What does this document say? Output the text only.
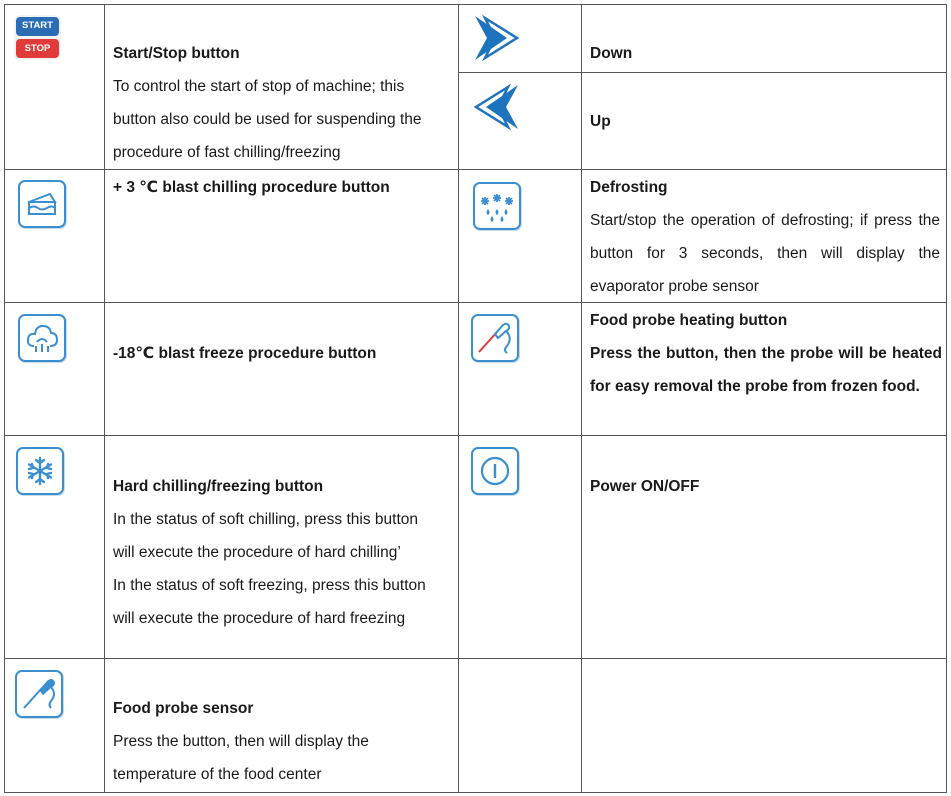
START
STOP	Start/Stop button

To control the start of stop of machine; this

button also could be used for suspending the

procedure of fast chilling/freezing

Down

Up

+ 3 ℃ blast chilling procedure button	Defrosting

Start/stop the operation of defrosting; if press the

button for 3 seconds, then will display the

evaporator probe sensor

-18℃ blast freeze procedure button

Food probe heating button

Press the button, then the probe will be heated

for easy removal the probe from frozen food.

Hard chilling/freezing button

In the status of soft chilling, press this button

will execute the procedure of hard chilling’

In the status of soft freezing, press this button

will execute the procedure of hard freezing

Power ON/OFF

Food probe sensor

Press the button, then will display the

temperature of the food center
